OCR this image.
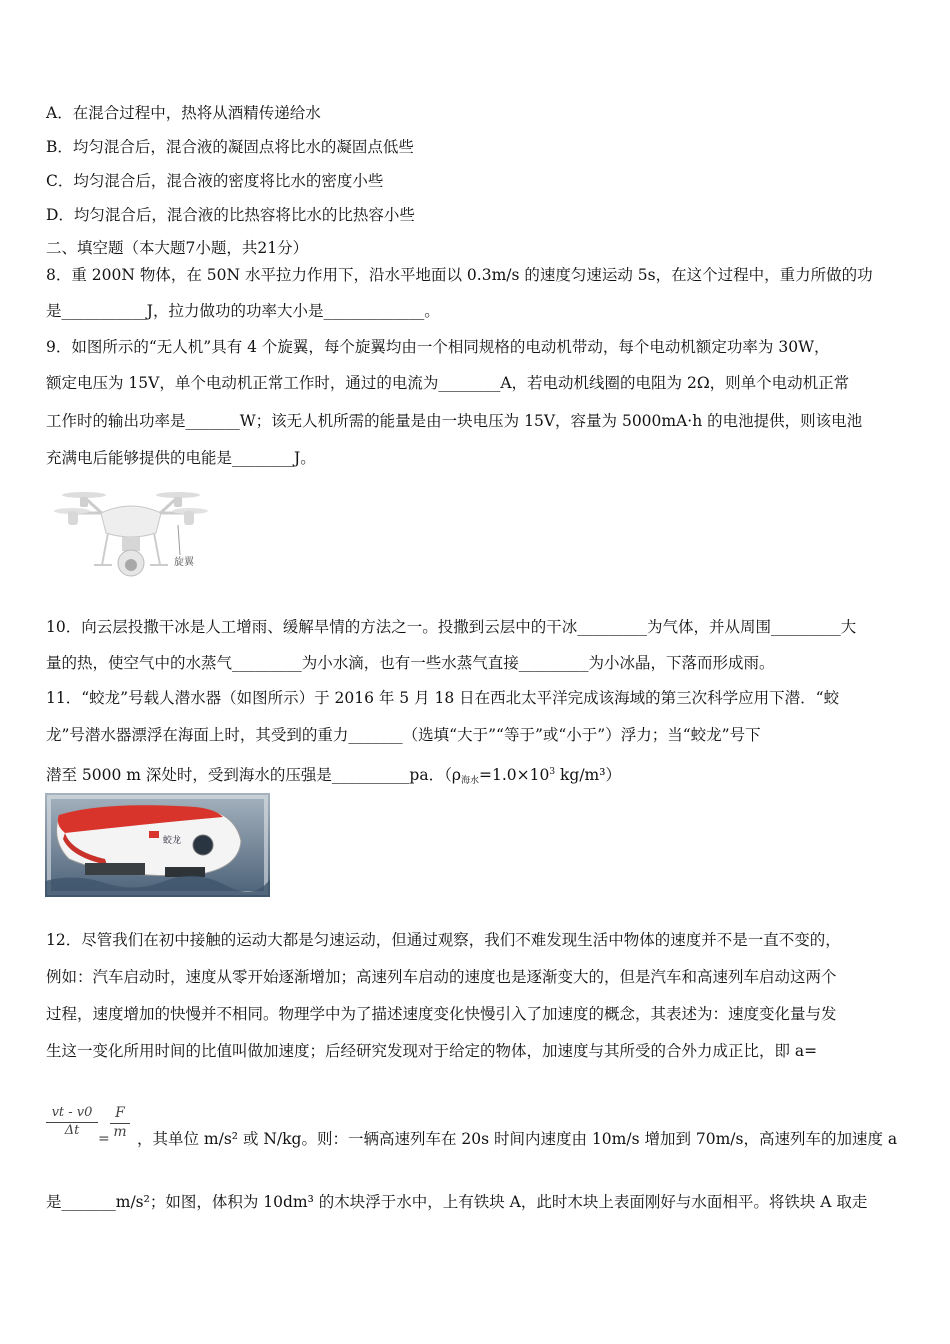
A．在混合过程中，热将从酒精传递给水
B．均匀混合后，混合液的凝固点将比水的凝固点低些
C．均匀混合后，混合液的密度将比水的密度小些
D．均匀混合后，混合液的比热容将比水的比热容小些
二、填空题（本大题7小题，共21分）
8．重 200N 物体，在 50N 水平拉力作用下，沿水平地面以 0.3m/s 的速度匀速运动 5s，在这个过程中，重力所做的功
是___________J，拉力做功的功率大小是_____________。
9．如图所示的“无人机”具有 4 个旋翼，每个旋翼均由一个相同规格的电动机带动，每个电动机额定功率为 30W，
额定电压为 15V，单个电动机正常工作时，通过的电流为________A，若电动机线圈的电阻为 2Ω，则单个电动机正常
工作时的输出功率是_______W；该无人机所需的能量是由一块电压为 15V，容量为 5000mA·h 的电池提供，则该电池
充满电后能够提供的电能是________J。
旋翼
10．向云层投撒干冰是人工增雨、缓解旱情的方法之一。投撒到云层中的干冰_________为气体，并从周围_________大
量的热，使空气中的水蒸气_________为小水滴，也有一些水蒸气直接_________为小冰晶，下落而形成雨。
11．“蛟龙”号载人潜水器（如图所示）于 2016 年 5 月 18 日在西北太平洋完成该海域的第三次科学应用下潜．“蛟
龙”号潜水器漂浮在海面上时，其受到的重力_______（选填“大于”“等于”或“小于”）浮力；当“蛟龙”号下
潜至 5000 m 深处时，受到海水的压强是__________pa．（$\rho_{海水}=1.0\times 10^3$ kg/m³）
蛟龙
12．尽管我们在初中接触的运动大都是匀速运动，但通过观察，我们不难发现生活中物体的速度并不是一直不变的，
例如：汽车启动时，速度从零开始逐渐增加；高速列车启动的速度也是逐渐变大的，但是汽车和高速列车启动这两个
过程，速度增加的快慢并不相同。物理学中为了描述速度变化快慢引入了加速度的概念，其表述为：速度变化量与发
生这一变化所用时间的比值叫做加速度；后经研究发现对于给定的物体，加速度与其所受的合外力成正比，即 a=
vt - v0
Δt
=
F
m ，其单位 m/s² 或 N/kg。则：一辆高速列车在 20s 时间内速度由 10m/s 增加到 70m/s，高速列车的加速度 a
是_______m/s²；如图，体积为 10dm³ 的木块浮于水中，上有铁块 A，此时木块上表面刚好与水面相平。将铁块 A 取走
